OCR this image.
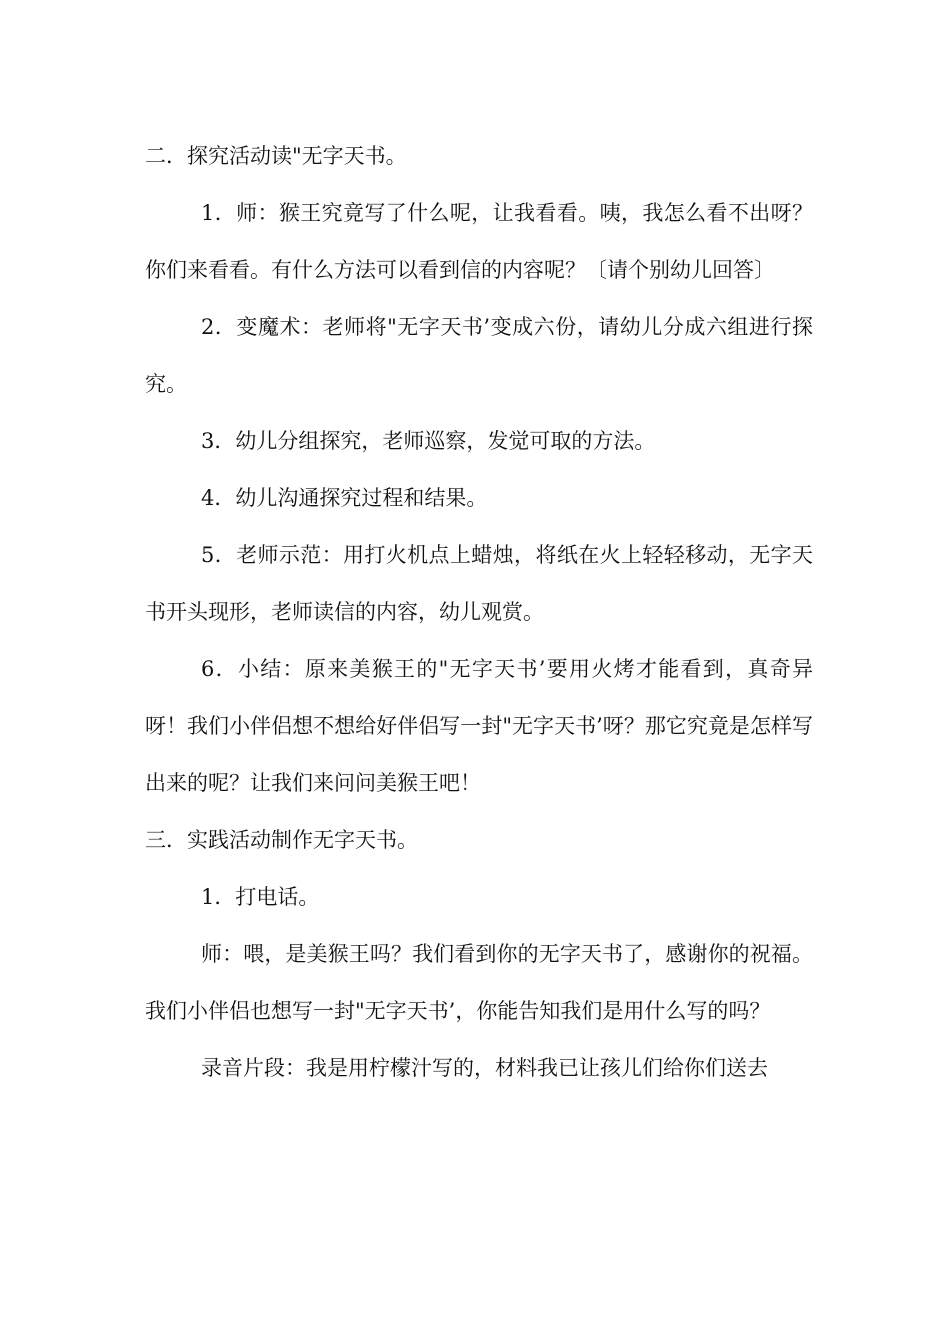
二．探究活动读"无字天书。

1．师：猴王究竟写了什么呢，让我看看。咦，我怎么看不出呀？你们来看看。有什么方法可以看到信的内容呢？〔请个别幼儿回答〕

2．变魔术：老师将"无字天书’变成六份，请幼儿分成六组进行探究。

3．幼儿分组探究，老师巡察，发觉可取的方法。

4．幼儿沟通探究过程和结果。

5．老师示范：用打火机点上蜡烛，将纸在火上轻轻移动，无字天书开头现形，老师读信的内容，幼儿观赏。

6．小结：原来美猴王的"无字天书’要用火烤才能看到，真奇异呀！我们小伴侣想不想给好伴侣写一封"无字天书’呀？那它究竟是怎样写出来的呢？让我们来问问美猴王吧！

三．实践活动制作无字天书。

1．打电话。

师：喂，是美猴王吗？我们看到你的无字天书了，感谢你的祝福。我们小伴侣也想写一封"无字天书’，你能告知我们是用什么写的吗？

录音片段：我是用柠檬汁写的，材料我已让孩儿们给你们送去
